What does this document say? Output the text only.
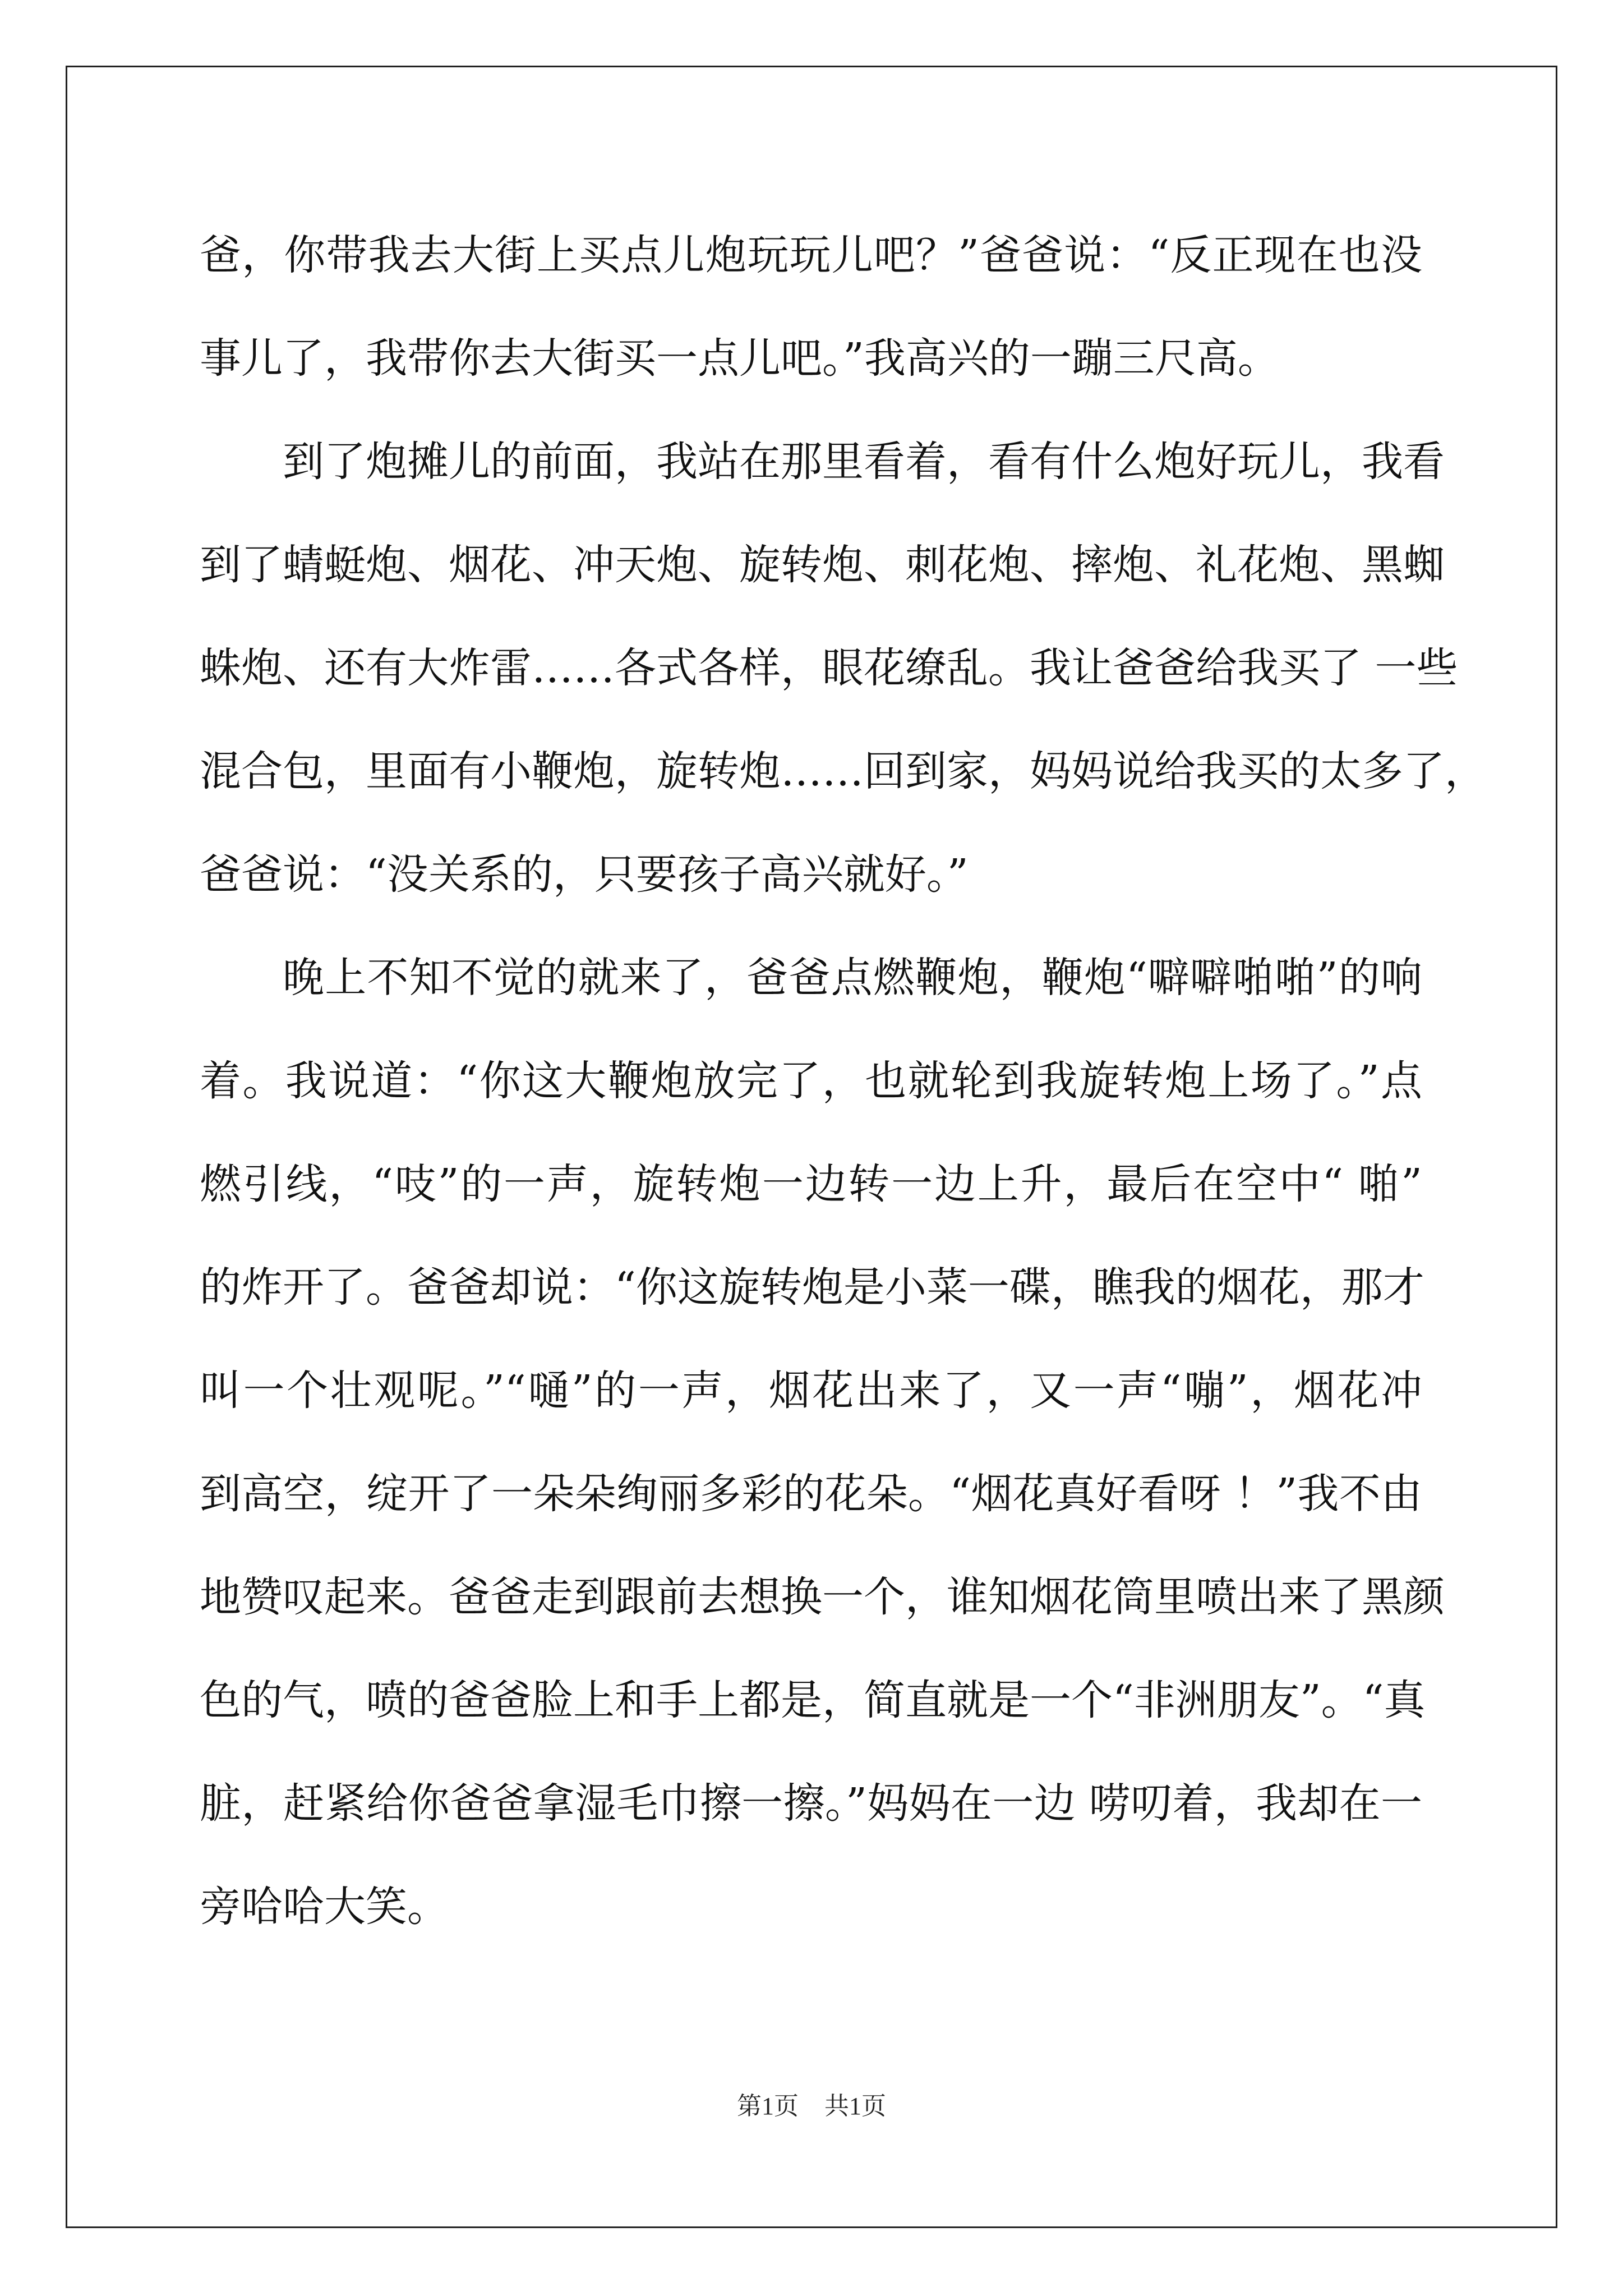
爸，你带我去大街上买点儿炮玩玩儿吧？”爸爸说：“反正现在也没
事儿了，我带你去大街买一点儿吧。”我高兴的一蹦三尺高。
到了炮摊儿的前面，我站在那里看着，看有什么炮好玩儿，我看
到了蜻蜓炮、烟花、冲天炮、旋转炮、刺花炮、摔炮、礼花炮、黑蜘
蛛炮、还有大炸雷……各式各样，眼花缭乱。我让爸爸给我买了 一些
混合包，里面有小鞭炮，旋转炮……回到家，妈妈说给我买的太多了，
爸爸说：“没关系的，只要孩子高兴就好。”
晚上不知不觉的就来了，爸爸点燃鞭炮，鞭炮“噼噼啪啪”的响
着。我说道：“你这大鞭炮放完了，也就轮到我旋转炮上场了。”点
燃引线，“吱”的一声，旋转炮一边转一边上升，最后在空中“ 啪”
的炸开了。爸爸却说：“你这旋转炮是小菜一碟，瞧我的烟花，那才
叫一个壮观呢。”“嗵”的一声，烟花出来了，又一声“嘣”，烟花冲
到高空，绽开了一朵朵绚丽多彩的花朵。“烟花真好看呀 ！”我不由
地赞叹起来。爸爸走到跟前去想换一个，谁知烟花筒里喷出来了黑颜
色的气，喷的爸爸脸上和手上都是，简直就是一个“非洲朋友”。“真
脏，赶紧给你爸爸拿湿毛巾擦一擦。”妈妈在一边 唠叨着，我却在一
旁哈哈大笑。
第1页 共1页
